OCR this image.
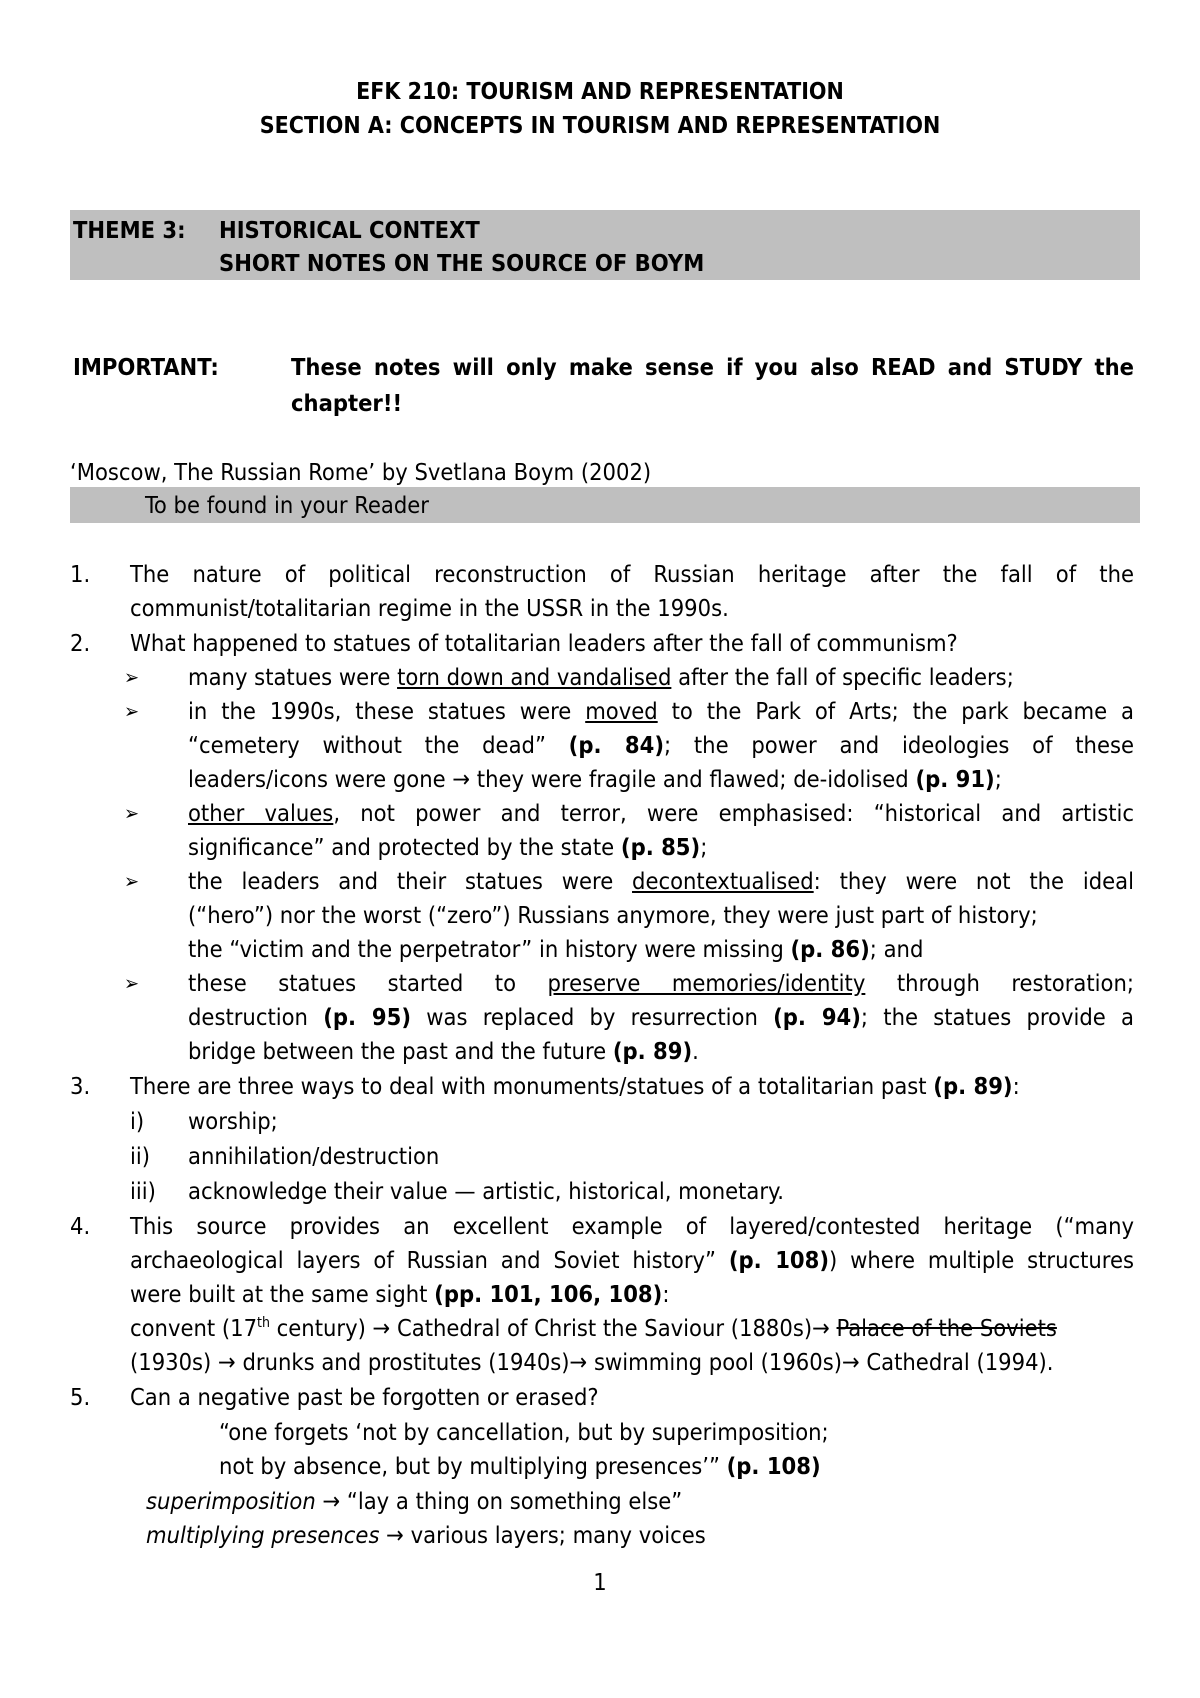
EFK 210: TOURISM AND REPRESENTATION
SECTION A: CONCEPTS IN TOURISM AND REPRESENTATION
THEME 3: HISTORICAL CONTEXT
SHORT NOTES ON THE SOURCE OF BOYM
IMPORTANT:	These notes will only make sense if you also READ and STUDY the
chapter!!
‘Moscow, The Russian Rome’ by Svetlana Boym (2002)
To be found in your Reader
1. The nature of political reconstruction of Russian heritage after the fall of the
communist/totalitarian regime in the USSR in the 1990s.
2. What happened to statues of totalitarian leaders after the fall of communism?
➢ many statues were torn down and vandalised after the fall of specific leaders;
➢ in the 1990s, these statues were moved to the Park of Arts; the park became a
“cemetery without the dead” (p. 84); the power and ideologies of these
leaders/icons were gone → they were fragile and flawed; de-idolised (p. 91);
➢ other values, not power and terror, were emphasised: “historical and artistic
significance” and protected by the state (p. 85);
➢ the leaders and their statues were decontextualised: they were not the ideal
(“hero”) nor the worst (“zero”) Russians anymore, they were just part of history;
the “victim and the perpetrator” in history were missing (p. 86); and
➢ these statues started to preserve memories/identity through restoration;
destruction (p. 95) was replaced by resurrection (p. 94); the statues provide a
bridge between the past and the future (p. 89).
3. There are three ways to deal with monuments/statues of a totalitarian past (p. 89):
i) worship;
ii) annihilation/destruction
iii) acknowledge their value — artistic, historical, monetary.
4. This source provides an excellent example of layered/contested heritage (“many
archaeological layers of Russian and Soviet history” (p. 108)) where multiple structures
were built at the same sight (pp. 101, 106, 108):
convent (17th century) → Cathedral of Christ the Saviour (1880s)→ Palace of the Soviets
(1930s) → drunks and prostitutes (1940s)→ swimming pool (1960s)→ Cathedral (1994).
5. Can a negative past be forgotten or erased?
“one forgets ‘not by cancellation, but by superimposition;
not by absence, but by multiplying presences’” (p. 108)
superimposition → “lay a thing on something else”
multiplying presences → various layers; many voices
1
